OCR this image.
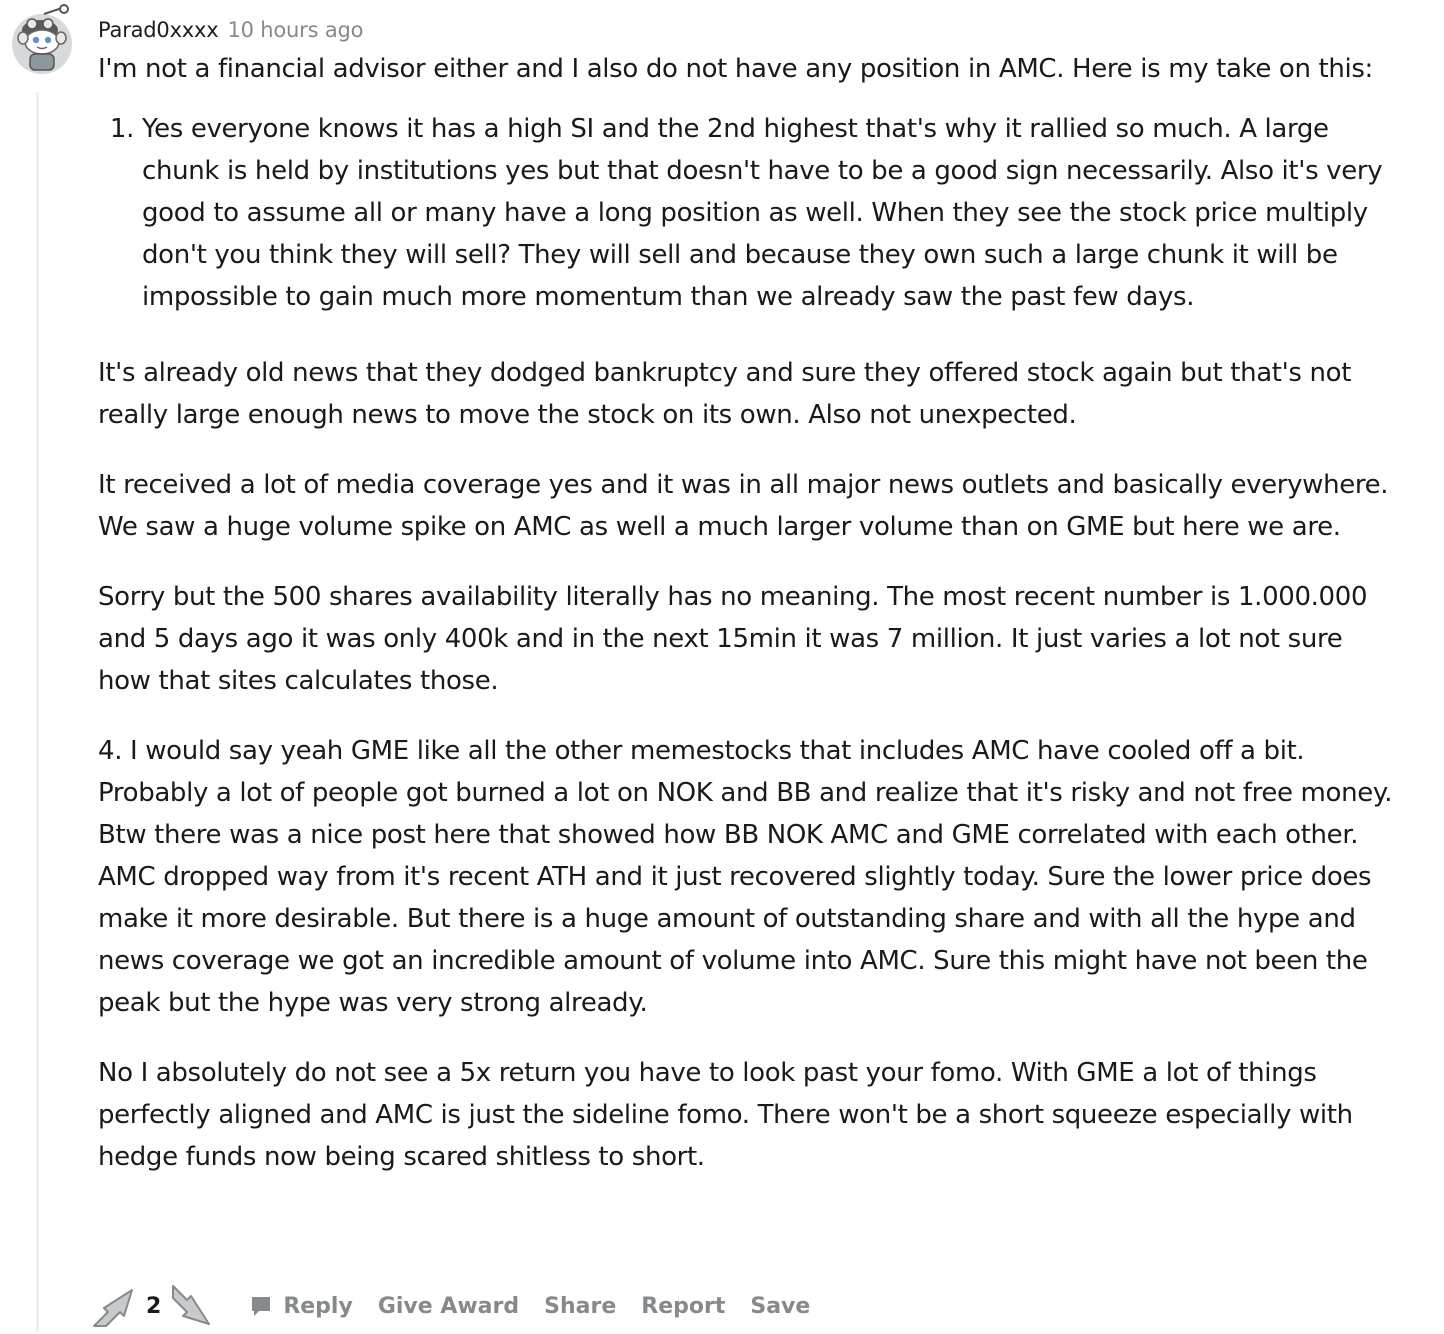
Parad0xxxx 10 hours ago

I'm not a financial advisor either and I also do not have any position in AMC. Here is my take on this:

1. Yes everyone knows it has a high SI and the 2nd highest that's why it rallied so much. A large chunk is held by institutions yes but that doesn't have to be a good sign necessarily. Also it's very good to assume all or many have a long position as well. When they see the stock price multiply don't you think they will sell? They will sell and because they own such a large chunk it will be impossible to gain much more momentum than we already saw the past few days.

It's already old news that they dodged bankruptcy and sure they offered stock again but that's not really large enough news to move the stock on its own. Also not unexpected.

It received a lot of media coverage yes and it was in all major news outlets and basically everywhere. We saw a huge volume spike on AMC as well a much larger volume than on GME but here we are.

Sorry but the 500 shares availability literally has no meaning. The most recent number is 1.000.000 and 5 days ago it was only 400k and in the next 15min it was 7 million. It just varies a lot not sure how that sites calculates those.

4. I would say yeah GME like all the other memestocks that includes AMC have cooled off a bit. Probably a lot of people got burned a lot on NOK and BB and realize that it's risky and not free money. Btw there was a nice post here that showed how BB NOK AMC and GME correlated with each other. AMC dropped way from it's recent ATH and it just recovered slightly today. Sure the lower price does make it more desirable. But there is a huge amount of outstanding share and with all the hype and news coverage we got an incredible amount of volume into AMC. Sure this might have not been the peak but the hype was very strong already.

No I absolutely do not see a 5x return you have to look past your fomo. With GME a lot of things perfectly aligned and AMC is just the sideline fomo. There won't be a short squeeze especially with hedge funds now being scared shitless to short.

2	Reply Give Award Share Report Save
